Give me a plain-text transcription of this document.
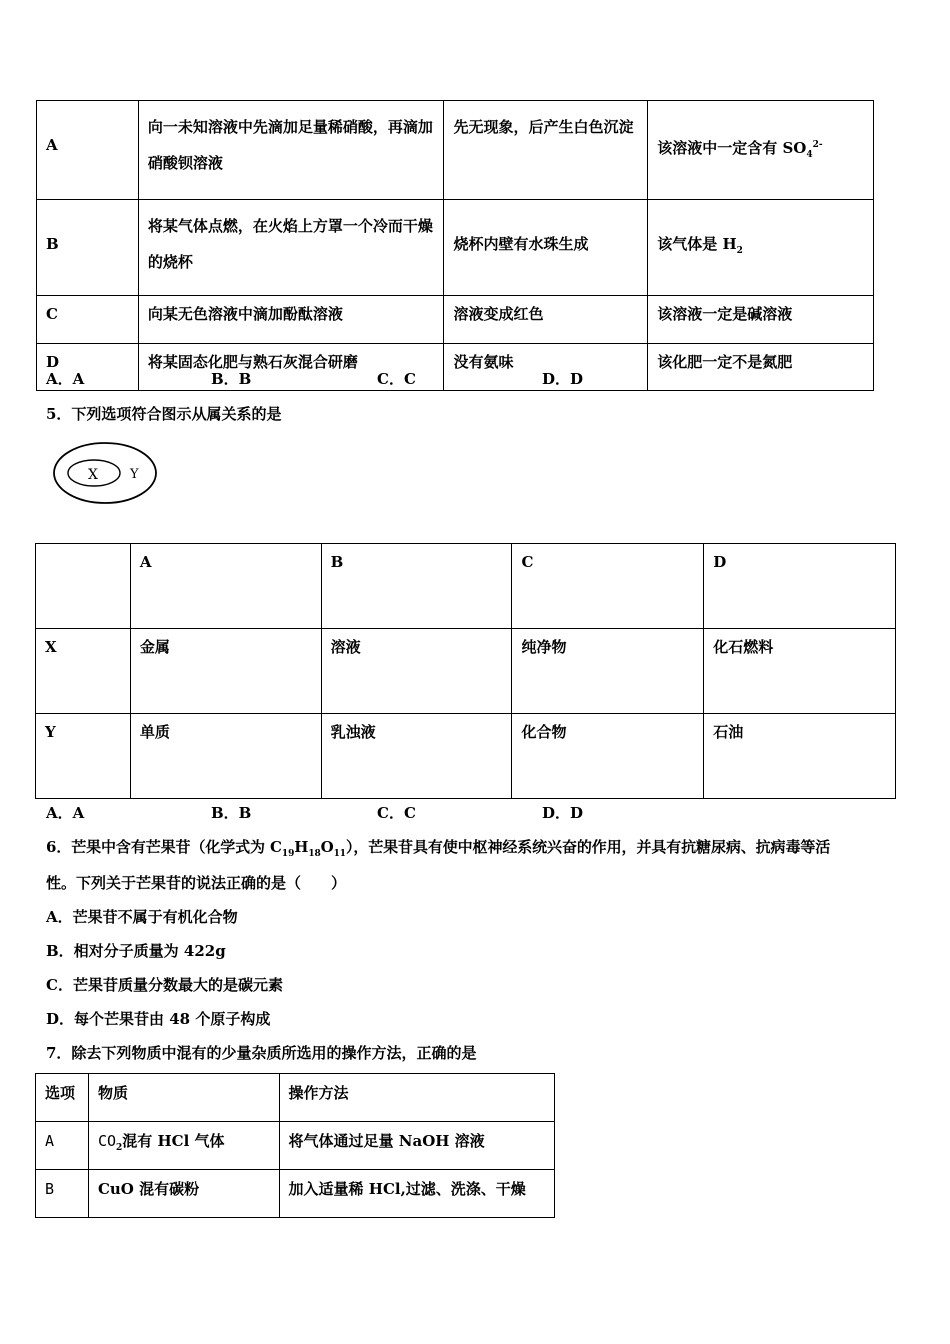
A	向一未知溶液中先滴加足量稀硝酸，再滴加硝酸钡溶液	先无现象，后产生白色沉淀	该溶液中一定含有 $SO_4^{2-}$

B	将某气体点燃，在火焰上方罩一个冷而干燥的烧杯	烧杯内壁有水珠生成	该气体是 $H_2$

C	向某无色溶液中滴加酚酞溶液	溶液变成红色	该溶液一定是碱溶液

D	将某固态化肥与熟石灰混合研磨	没有氨味	该化肥一定不是氮肥
A．A	B．B	C．C	D．D
5．下列选项符合图示从属关系的是
X Y

	A	B	C	D

X	金属	溶液	纯净物	化石燃料

Y	单质	乳浊液	化合物	石油
A．A	B．B	C．C	D．D
6．芒果中含有芒果苷（化学式为 $C_{19}H_{18}O_{11}$），芒果苷具有使中枢神经系统兴奋的作用，并具有抗糖尿病、抗病毒等活
性。下列关于芒果苷的说法正确的是（　　）
A．芒果苷不属于有机化合物
B．相对分子质量为 422g
C．芒果苷质量分数最大的是碳元素
D．每个芒果苷由 48 个原子构成
7．除去下列物质中混有的少量杂质所选用的操作方法，正确的是
选项	物质	操作方法

A	$CO_2$混有 HCl 气体	将气体通过足量 NaOH 溶液

B	CuO 混有碳粉	加入适量稀 HCl,过滤、洗涤、干燥
